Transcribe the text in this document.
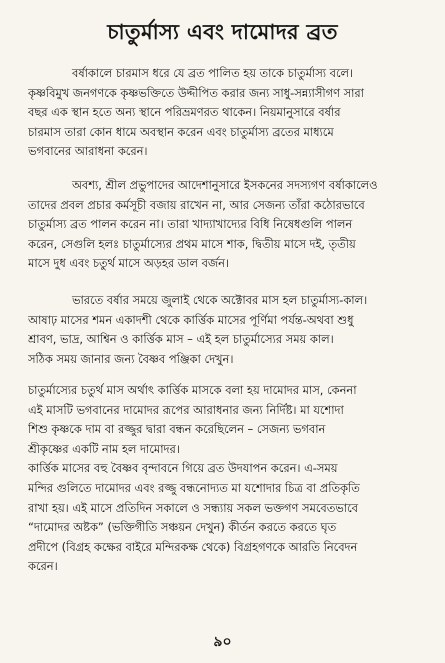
চাতুর্মাস্য এবং দামোদর ব্রত

বর্ষাকালে চারমাস ধরে যে ব্রত পালিত হয় তাকে চাতুর্মাস্য বলে।
কৃষ্ণবিমুখ জনগণকে কৃষ্ণভক্তিতে উদ্দীপিত করার জন্য সাধু-সন্ন্যাসীগণ সারা
বছর এক স্থান হতে অন্য স্থানে পরিভ্রমণরত থাকেন। নিয়মানুসারে বর্ষার
চারমাস তারা কোন ধামে অবস্থান করেন এবং চাতুর্মাস্য ব্রতের মাধ্যমে
ভগবানের আরাধনা করেন।

অবশ্য, শ্রীল প্রভুপাদের আদেশানুসারে ইসকনের সদস্যগণ বর্ষাকালেও
তাদের প্রবল প্রচার কর্মসূচী বজায় রাখেন না, আর সেজন্য তাঁরা কঠোরভাবে
চাতুর্মাস্য ব্রত পালন করেন না। তারা খাদ্যাখাদ্যের বিধি নিষেধগুলি পালন
করেন, সেগুলি হলঃ চাতুর্মাস্যের প্রথম মাসে শাক, দ্বিতীয় মাসে দই, তৃতীয়
মাসে দুধ এবং চতুর্থ মাসে অড়হর ডাল বর্জন।

ভারতে বর্ষার সময়ে জুলাই থেকে অক্টোবর মাস হল চাতুর্মাস্য-কাল।
আষাঢ় মাসের শমন একাদশী থেকে কার্ত্তিক মাসের পূর্ণিমা পর্যন্ত-অথবা শুধু
শ্রাবণ, ভাদ্র, আশ্বিন ও কার্ত্তিক মাস – এই হল চাতুর্মাস্যের সময় কাল।
সঠিক সময় জানার জন্য বৈষ্ণব পঞ্জিকা দেখুন।

চাতুর্মাস্যের চতুর্থ মাস অর্থাৎ কার্ত্তিক মাসকে বলা হয় দামোদর মাস, কেননা
এই মাসটি ভগবানের দামোদর রূপের আরাধনার জন্য নির্দিষ্ট। মা যশোদা
শিশু কৃষ্ণকে দাম বা রজ্জুর দ্বারা বন্ধন করেছিলেন – সেজন্য ভগবান
শ্রীকৃষ্ণের একটি নাম হল দামোদর।
কার্ত্তিক মাসের বহু বৈষ্ণব বৃন্দাবনে গিয়ে ব্রত উদযাপন করেন। এ-সময়
মন্দির গুলিতে দামোদর এবং রজ্জু বন্ধনোদ্যত মা যশোদার চিত্র বা প্রতিকৃতি
রাখা হয়। এই মাসে প্রতিদিন সকালে ও সন্ধ্যায় সকল ভক্তগণ সমবেতভাবে
“দামোদর অষ্টক” (ভক্তিগীতি সঞ্চয়ন দেখুন) কীর্তন করতে করতে ঘৃত
প্রদীপে (বিগ্রহ কক্ষের বাইরে মন্দিরকক্ষ থেকে) বিগ্রহগণকে আরতি নিবেদন
করেন।

৯০
